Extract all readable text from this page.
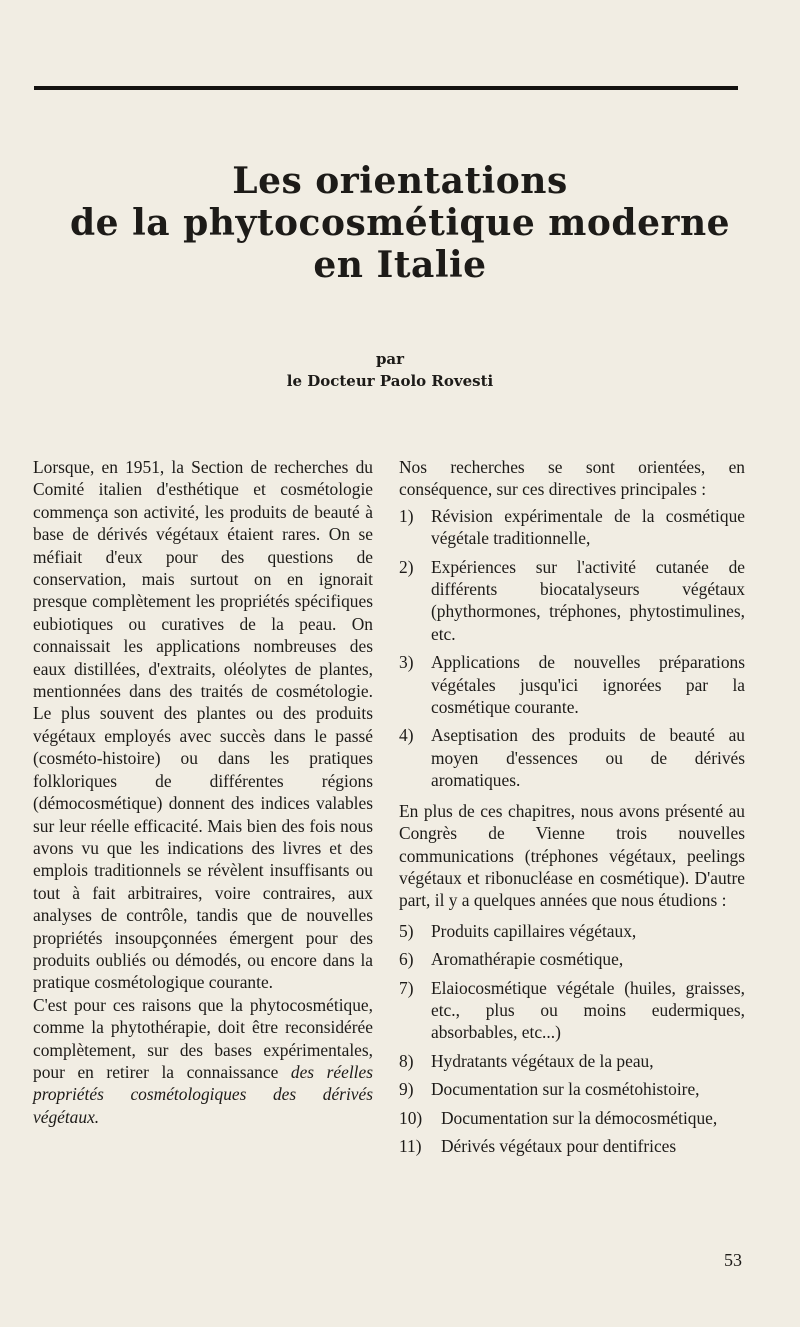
Les orientations
de la phytocosmétique moderne
en Italie
par
le Docteur Paolo Rovesti

Lorsque, en 1951, la Section de recherches du Comité italien d'esthétique et cosmétologie commença son activité, les produits de beauté à base de dérivés végétaux étaient rares. On se méfiait d'eux pour des questions de conservation, mais surtout on en ignorait presque complètement les propriétés spécifiques eubiotiques ou curatives de la peau. On connaissait les applications nombreuses des eaux distillées, d'extraits, oléolytes de plantes, mentionnées dans des traités de cosmétologie. Le plus souvent des plantes ou des produits végétaux employés avec succès dans le passé (cosméto-histoire) ou dans les pratiques folkloriques de différentes régions (démocosmétique) donnent des indices valables sur leur réelle efficacité. Mais bien des fois nous avons vu que les indications des livres et des emplois traditionnels se révèlent insuffisants ou tout à fait arbitraires, voire contraires, aux analyses de contrôle, tandis que de nouvelles propriétés insoupçonnées émergent pour des produits oubliés ou démodés, ou encore dans la pratique cosmétologique courante.

C'est pour ces raisons que la phytocosmétique, comme la phytothérapie, doit être reconsidérée complètement, sur des bases expérimentales, pour en retirer la connaissance des réelles propriétés cosmétologiques des dérivés végétaux.

Nos recherches se sont orientées, en conséquence, sur ces directives principales :

1)	Révision expérimentale de la cosmétique végétale traditionnelle,
2)	Expériences sur l'activité cutanée de différents biocatalyseurs végétaux (phythormones, tréphones, phytostimulines, etc.
3)	Applications de nouvelles préparations végétales jusqu'ici ignorées par la cosmétique courante.
4)	Aseptisation des produits de beauté au moyen d'essences ou de dérivés aromatiques.

En plus de ces chapitres, nous avons présenté au Congrès de Vienne trois nouvelles communications (tréphones végétaux, peelings végétaux et ribonucléase en cosmétique). D'autre part, il y a quelques années que nous étudions :

5)	Produits capillaires végétaux,
6)	Aromathérapie cosmétique,
7)	Elaiocosmétique végétale (huiles, graisses, etc., plus ou moins eudermiques, absorbables, etc...)
8)	Hydratants végétaux de la peau,
9)	Documentation sur la cosmétohistoire,
10)	Documentation sur la démocosmétique,
11)	Dérivés végétaux pour dentifrices
53
